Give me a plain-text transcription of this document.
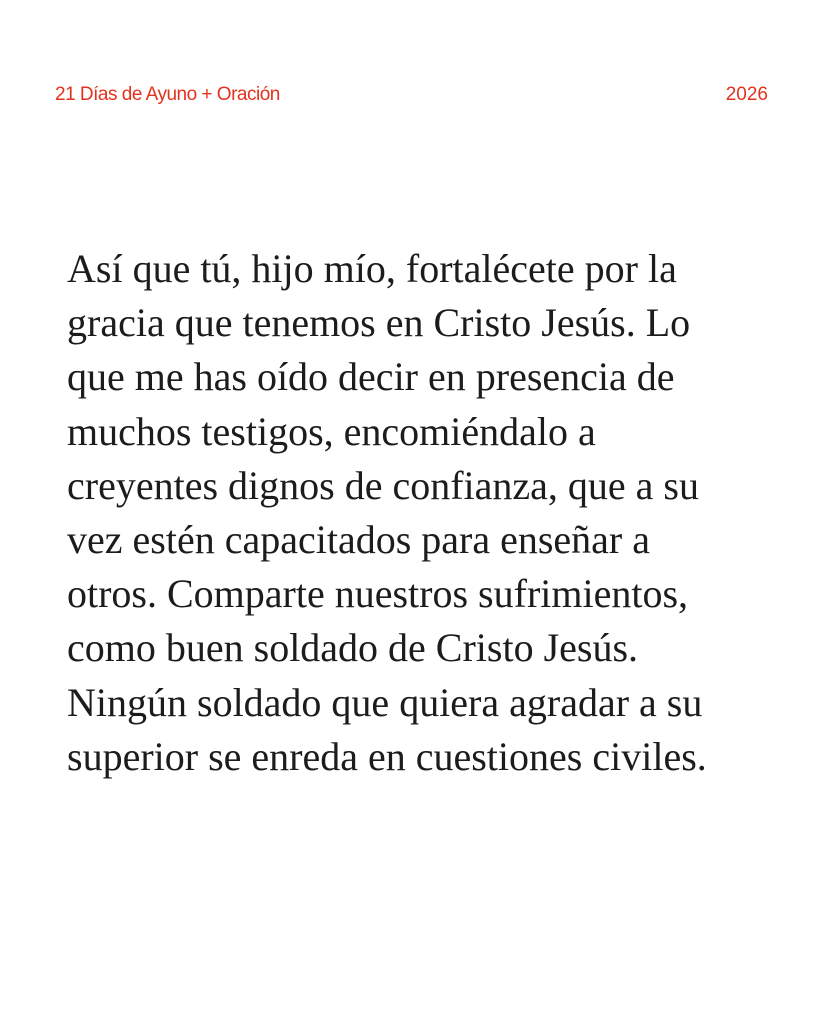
21 Días de Ayuno + Oración	2026
Así que tú, hijo mío, fortalécete por la
gracia que tenemos en Cristo Jesús. Lo
que me has oído decir en presencia de
muchos testigos, encomiéndalo a
creyentes dignos de confianza, que a su
vez estén capacitados para enseñar a
otros. Comparte nuestros sufrimientos,
como buen soldado de Cristo Jesús.
Ningún soldado que quiera agradar a su
superior se enreda en cuestiones civiles.
